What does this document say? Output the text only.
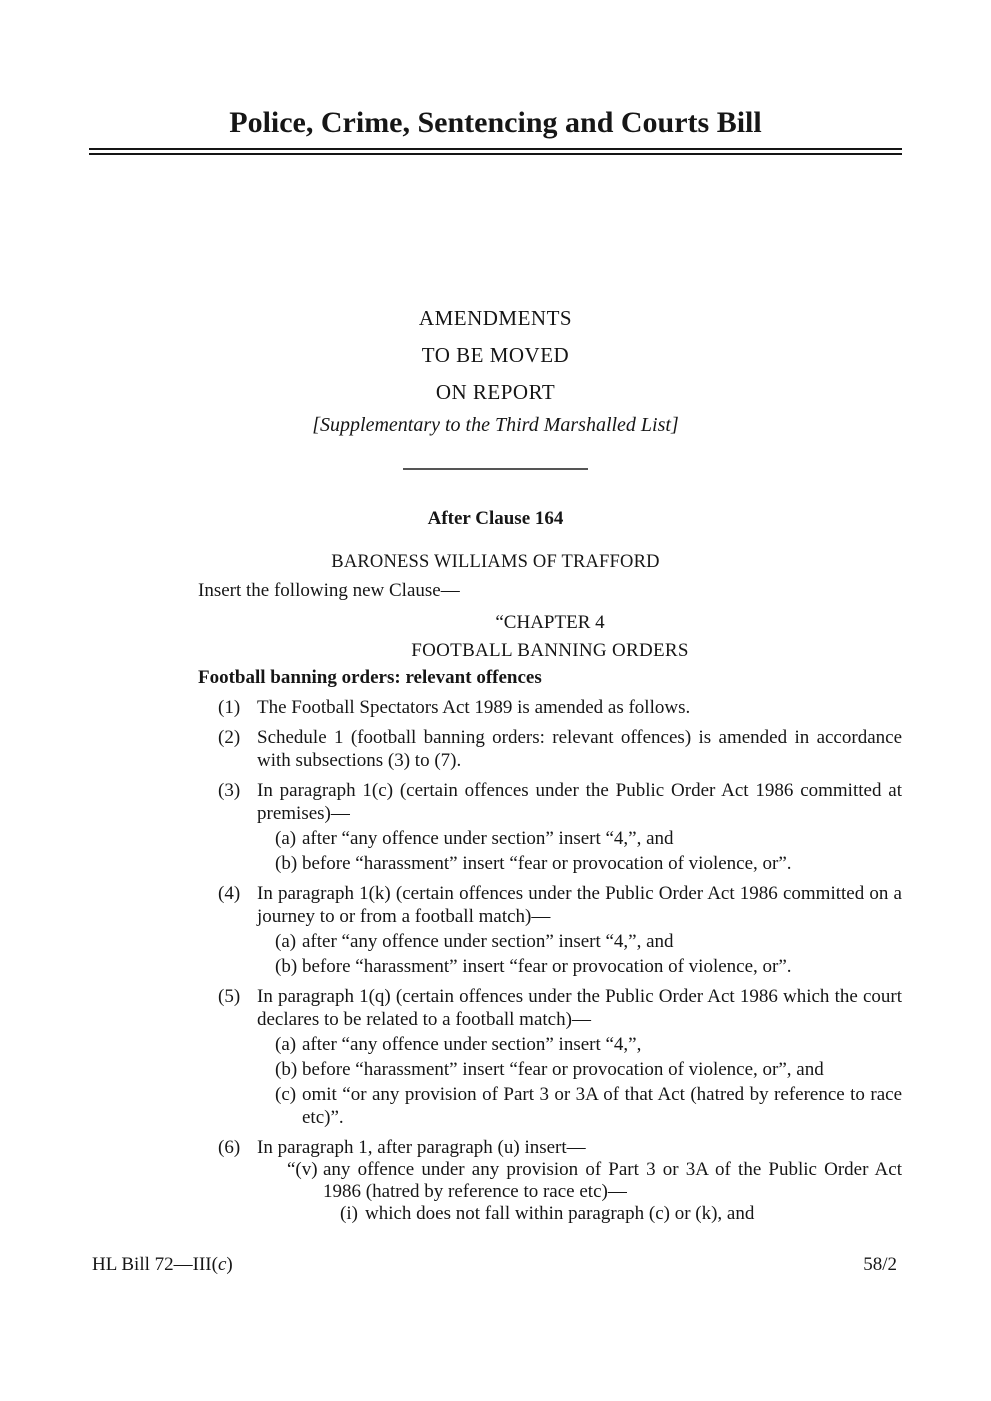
Police, Crime, Sentencing and Courts Bill
AMENDMENTS
TO BE MOVED
ON REPORT
[Supplementary to the Third Marshalled List]
After Clause 164
BARONESS WILLIAMS OF TRAFFORD
Insert the following new Clause—
“CHAPTER 4
FOOTBALL BANNING ORDERS
Football banning orders: relevant offences
(1) The Football Spectators Act 1989 is amended as follows.
(2) Schedule 1 (football banning orders: relevant offences) is amended in accordance with subsections (3) to (7).
(3) In paragraph 1(c) (certain offences under the Public Order Act 1986 committed at premises)—
(a) after “any offence under section” insert “4,”, and
(b) before “harassment” insert “fear or provocation of violence, or”.
(4) In paragraph 1(k) (certain offences under the Public Order Act 1986 committed on a journey to or from a football match)—
(a) after “any offence under section” insert “4,”, and
(b) before “harassment” insert “fear or provocation of violence, or”.
(5) In paragraph 1(q) (certain offences under the Public Order Act 1986 which the court declares to be related to a football match)—
(a) after “any offence under section” insert “4,”,
(b) before “harassment” insert “fear or provocation of violence, or”, and
(c) omit “or any provision of Part 3 or 3A of that Act (hatred by reference to race etc)”.
(6) In paragraph 1, after paragraph (u) insert—
“(v) any offence under any provision of Part 3 or 3A of the Public Order Act 1986 (hatred by reference to race etc)—
(i) which does not fall within paragraph (c) or (k), and
HL Bill 72—III(c)	58/2
